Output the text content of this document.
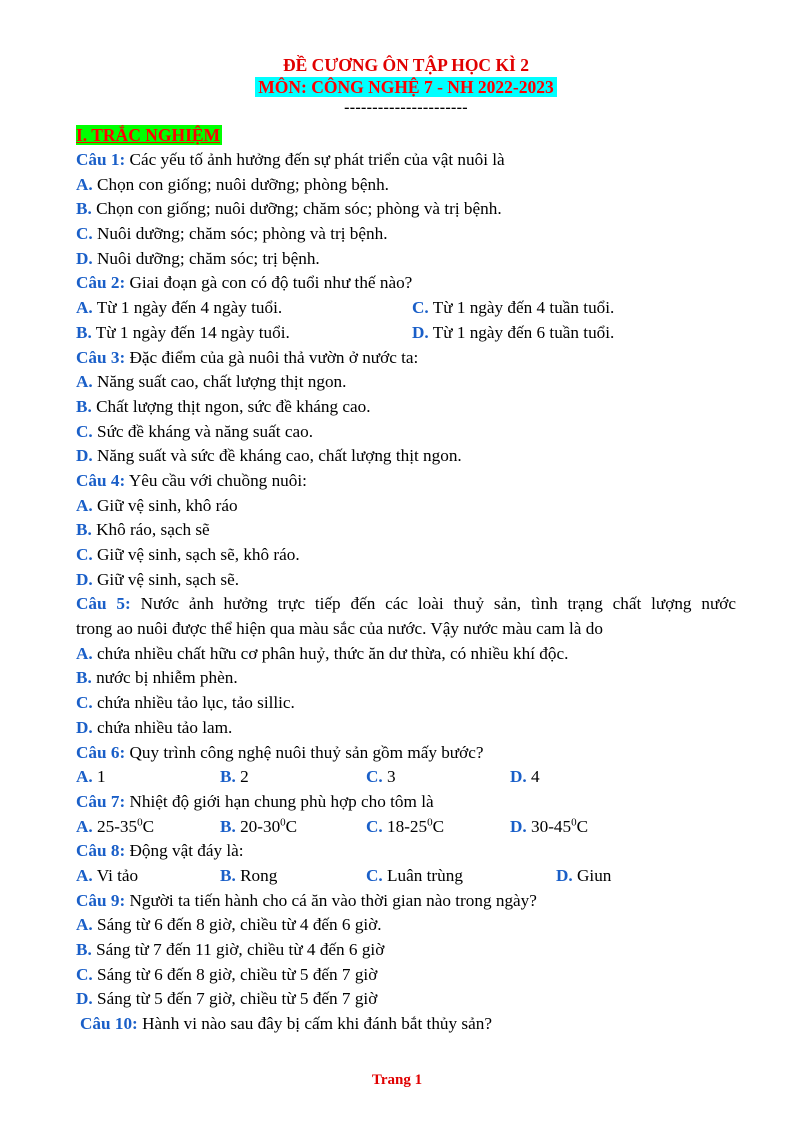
ĐỀ CƯƠNG ÔN TẬP HỌC KÌ 2
MÔN: CÔNG NGHỆ 7 - NH 2022-2023
----------------------
I. TRẮC NGHIỆM
Câu 1: Các yếu tố ảnh hưởng đến sự phát triển của vật nuôi là
A. Chọn con giống; nuôi dưỡng; phòng bệnh.
B. Chọn con giống; nuôi dưỡng; chăm sóc; phòng và trị bệnh.
C. Nuôi dưỡng; chăm sóc; phòng và trị bệnh.
D. Nuôi dưỡng; chăm sóc; trị bệnh.
Câu 2: Giai đoạn gà con có độ tuổi như thế nào?
A. Từ 1 ngày đến 4 ngày tuổi.	C. Từ 1 ngày đến 4 tuần tuổi.
B. Từ 1 ngày đến 14 ngày tuổi.	D. Từ 1 ngày đến 6 tuần tuổi.
Câu 3: Đặc điểm của gà nuôi thả vườn ở nước ta:
A. Năng suất cao, chất lượng thịt ngon.
B. Chất lượng thịt ngon, sức đề kháng cao.
C. Sức đề kháng và năng suất cao.
D. Năng suất và sức đề kháng cao, chất lượng thịt ngon.
Câu 4: Yêu cầu với chuồng nuôi:
A. Giữ vệ sinh, khô ráo
B. Khô ráo, sạch sẽ
C. Giữ vệ sinh, sạch sẽ, khô ráo.
D. Giữ vệ sinh, sạch sẽ.
Câu 5: Nước ảnh hưởng trực tiếp đến các loài thuỷ sản, tình trạng chất lượng nước
trong ao nuôi được thể hiện qua màu sắc của nước. Vậy nước màu cam là do
A. chứa nhiều chất hữu cơ phân huỷ, thức ăn dư thừa, có nhiều khí độc.
B. nước bị nhiễm phèn.
C. chứa nhiều tảo lục, tảo sillic.
D. chứa nhiều tảo lam.
Câu 6: Quy trình công nghệ nuôi thuỷ sản gồm mấy bước?
A. 1	B. 2	C. 3	D. 4
Câu 7: Nhiệt độ giới hạn chung phù hợp cho tôm là
A. $25-35^0C$	B. $20-30^0C$	C. $18-25^0C$	D. $30-45^0C$
Câu 8: Động vật đáy là:
A. Vi tảo	B. Rong	C. Luân trùng	D. Giun
Câu 9: Người ta tiến hành cho cá ăn vào thời gian nào trong ngày?
A. Sáng từ 6 đến 8 giờ, chiều từ 4 đến 6 giờ.
B. Sáng từ 7 đến 11 giờ, chiều từ 4 đến 6 giờ
C. Sáng từ 6 đến 8 giờ, chiều từ 5 đến 7 giờ
D. Sáng từ 5 đến 7 giờ, chiều từ 5 đến 7 giờ
Câu 10: Hành vi nào sau đây bị cấm khi đánh bắt thủy sản?
Trang 1
